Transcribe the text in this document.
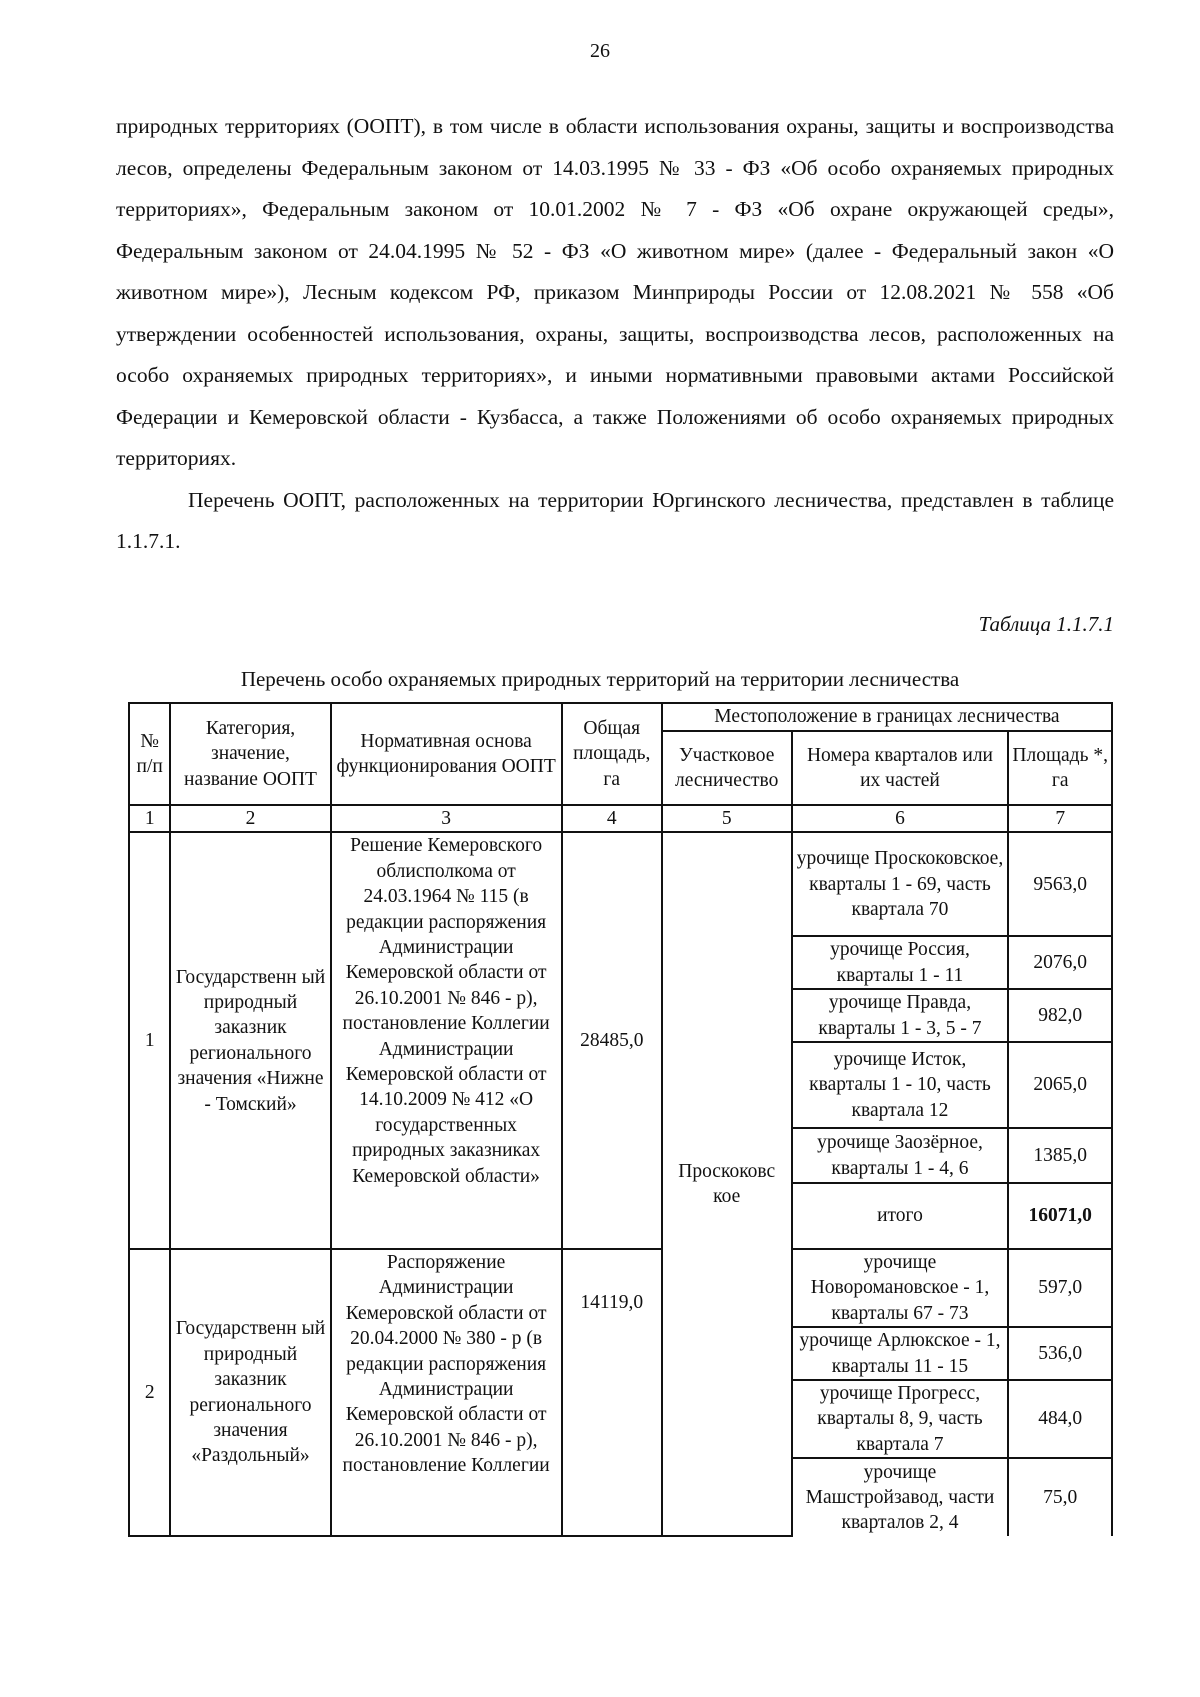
26

природных территориях (ООПТ), в том числе в области использования охраны, защиты и воспроизводства лесов, определены Федеральным законом от 14.03.1995 № 33 - ФЗ «Об особо охраняемых природных территориях», Федеральным законом от 10.01.2002 № 7 - ФЗ «Об охране окружающей среды», Федеральным законом от 24.04.1995 № 52 - ФЗ «О животном мире» (далее - Федеральный закон «О животном мире»), Лесным кодексом РФ, приказом Минприроды России от 12.08.2021 № 558 «Об утверждении особенностей использования, охраны, защиты, воспроизводства лесов, расположенных на особо охраняемых природных территориях», и иными нормативными правовыми актами Российской Федерации и Кемеровской области - Кузбасса, а также Положениями об особо охраняемых природных территориях.

Перечень ООПТ, расположенных на территории Юргинского лесничества, представлен в таблице 1.1.7.1.

Таблица 1.1.7.1
Перечень особо охраняемых природных территорий на территории лесничества
№ п/п	Категория, значение, название ООПТ	Нормативная основа функционирования ООПТ	Общая площадь, га	Местоположение в границах лесничества		
				Участковое лесничество	Номера кварталов или их частей	Площадь *, га
1	2	3	4	5	6	7
1	Государственн ый природный заказник регионального значения «Нижне - Томский»	Решение Кемеровского облисполкома от 24.03.1964 № 115 (в редакции распоряжения Администрации Кемеровской области от 26.10.2001 № 846 - р), постановление Коллегии Администрации Кемеровской области от 14.10.2009 № 412 «О государственных природных заказниках Кемеровской области»	28485,0	Проскоковс кое	урочище Проскоковское, кварталы 1 - 69, часть квартала 70	9563,0
					урочище Россия, кварталы 1 - 11	2076,0
					урочище Правда, кварталы 1 - 3, 5 - 7	982,0
					урочище Исток, кварталы 1 - 10, часть квартала 12	2065,0
					урочище Заозёрное, кварталы 1 - 4, 6	1385,0
					итого	16071,0
2	Государственн ый природный заказник регионального значения «Раздольный»	Распоряжение Администрации Кемеровской области от 20.04.2000 № 380 - р (в редакции распоряжения Администрации Кемеровской области от 26.10.2001 № 846 - р), постановление Коллегии	14119,0		урочище Новоромановское - 1, кварталы 67 - 73	597,0
					урочище Арлюкское - 1, кварталы 11 - 15	536,0
					урочище Прогресс, кварталы 8, 9, часть квартала 7	484,0
					урочище Машстройзавод, части кварталов 2, 4	75,0
